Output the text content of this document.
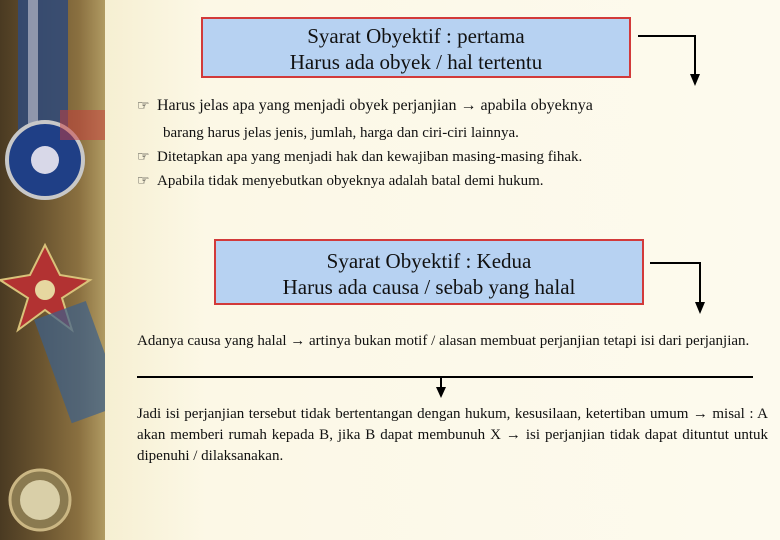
Syarat Obyektif : pertama
Harus ada obyek / hal tertentu
☞ Harus jelas apa yang menjadi obyek perjanjian → apabila obyeknya
barang harus jelas jenis, jumlah, harga dan ciri-ciri lainnya.
☞ Ditetapkan apa yang menjadi hak dan kewajiban masing-masing fihak.
☞ Apabila tidak menyebutkan obyeknya adalah batal demi hukum.
Syarat Obyektif : Kedua
Harus ada causa / sebab yang halal
Adanya causa yang halal → artinya bukan motif / alasan membuat perjanjian tetapi isi dari perjanjian.
Jadi isi perjanjian tersebut tidak bertentangan dengan hukum, kesusilaan, ketertiban umum → misal : A akan memberi rumah kepada B, jika B dapat membunuh X → isi perjanjian tidak dapat dituntut untuk dipenuhi / dilaksanakan.
